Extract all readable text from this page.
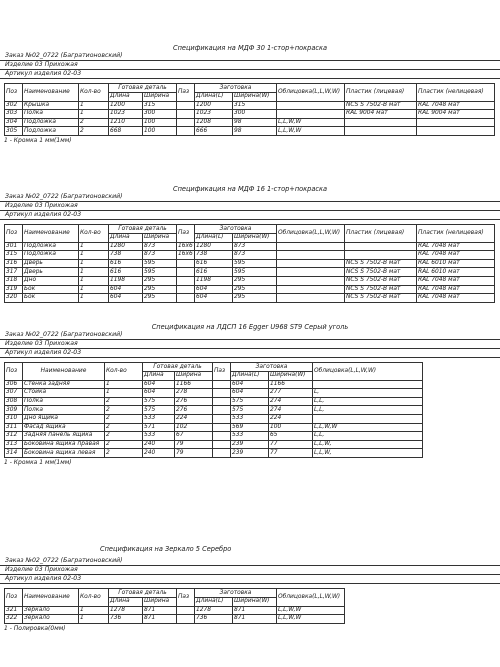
Спецификация на МДФ 30 1-стор+покраска
Заказ №02_0722 (Багратионовский)
Изделие 03 Прихожая
Артикул изделия 02-03
Поз	Наименование	Кол-во	Готовая деталь		Паз	Заготовка		Облицовка(L,L,W,W)	Пластик (лицевая)	Пластик (нелицевая)
			Длина	Ширина		Длина(L)	Ширина(W)			
302	Крышка	1	1200	315		1200	315		NCS S 7502-B мат	RAL 7048 мат
303	Полка	1	1023	300		1023	300		RAL 9004 мат	RAL 9004 мат
304	Подложка	2	1210	100		1208	98	L,L,W,W		
305	Подложка	2	668	100		666	98	L,L,W,W		
1 - Кромка 1 мм(1мм)
Спецификация на МДФ 16 1-стор+покраска
Заказ №02_0722 (Багратионовский)
Изделие 03 Прихожая
Артикул изделия 02-03
Поз	Наименование	Кол-во	Готовая деталь		Паз	Заготовка		Облицовка(L,L,W,W)	Пластик (лицевая)	Пластик (нелицевая)
			Длина	Ширина		Длина(L)	Ширина(W)			
301	Подложка	1	1280	873	16х6	1280	873			RAL 7048 мат
315	Подложка	1	738	873	16х6	738	873			RAL 7048 мат
316	Дверь	1	616	595		616	595		NCS S 7502-B мат	RAL 6010 мат
317	Дверь	1	616	595		616	595		NCS S 7502-B мат	RAL 6010 мат
318	Дно	1	1198	295		1198	295		NCS S 7502-B мат	RAL 7048 мат
319	Бок	1	604	295		604	295		NCS S 7502-B мат	RAL 7048 мат
320	Бок	1	604	295		604	295		NCS S 7502-B мат	RAL 7048 мат
Спецификация на ЛДСП 16 Egger U968 ST9 Серый уголь
Заказ №02_0722 (Багратионовский)
Изделие 03 Прихожая
Артикул изделия 02-03
Поз	Наименование	Кол-во	Готовая деталь		Паз	Заготовка		Облицовка(L,L,W,W)
			Длина	Ширина		Длина(L)	Ширина(W)	
306	Стенка задняя	1	604	1166		604	1166	
307	Стойка	1	604	278		604	277	L,
308	Полка	2	575	276		575	274	L,L,
309	Полка	2	575	276		575	274	L,L,
310	Дно ящика	2	533	224		533	224	
311	Фасад ящика	2	571	102		569	100	L,L,W,W
312	Задняя панель ящика	2	533	67		533	65	L,L,
313	Боковина ящика правая	2	240	79		239	77	L,L,W,
314	Боковина ящика левая	2	240	79		239	77	L,L,W,
1 - Кромка 1 мм(1мм)
Спецификация на Зеркало 5 Серебро
Заказ №02_0722 (Багратионовский)
Изделие 03 Прихожая
Артикул изделия 02-03
Поз	Наименование	Кол-во	Готовая деталь		Паз	Заготовка		Облицовка(L,L,W,W)
			Длина	Ширина		Длина(L)	Ширина(W)	
321	Зеркало	1	1278	871		1278	871	L,L,W,W
322	Зеркало	1	736	871		736	871	L,L,W,W
1 - Полировка(0мм)
